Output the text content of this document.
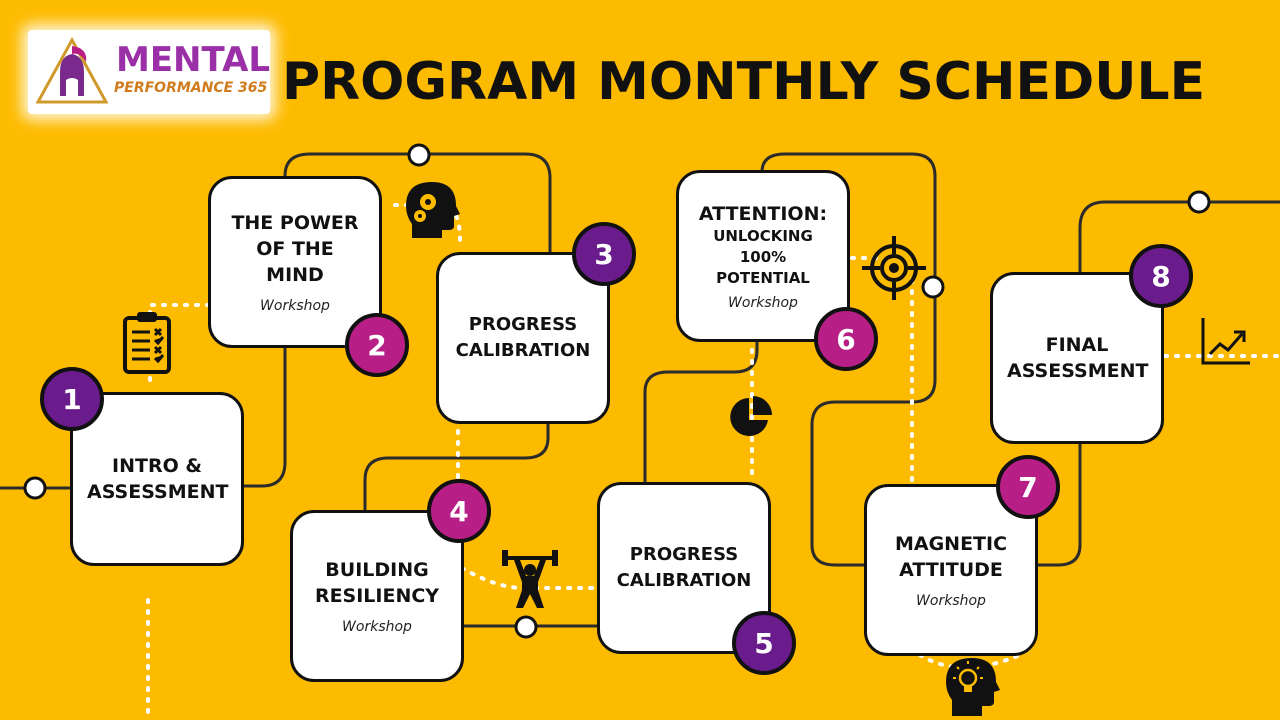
MENTAL
PERFORMANCE 365 PROGRAM MONTHLY SCHEDULE
INTRO & ASSESSMENT
1
THE POWER OF THE MIND
Workshop
2
PROGRESS CALIBRATION
3
BUILDING RESILIENCY
Workshop
4
PROGRESS CALIBRATION
5
ATTENTION:
UNLOCKING 100% POTENTIAL
Workshop
6
MAGNETIC ATTITUDE
Workshop
7
FINAL ASSESSMENT
8
